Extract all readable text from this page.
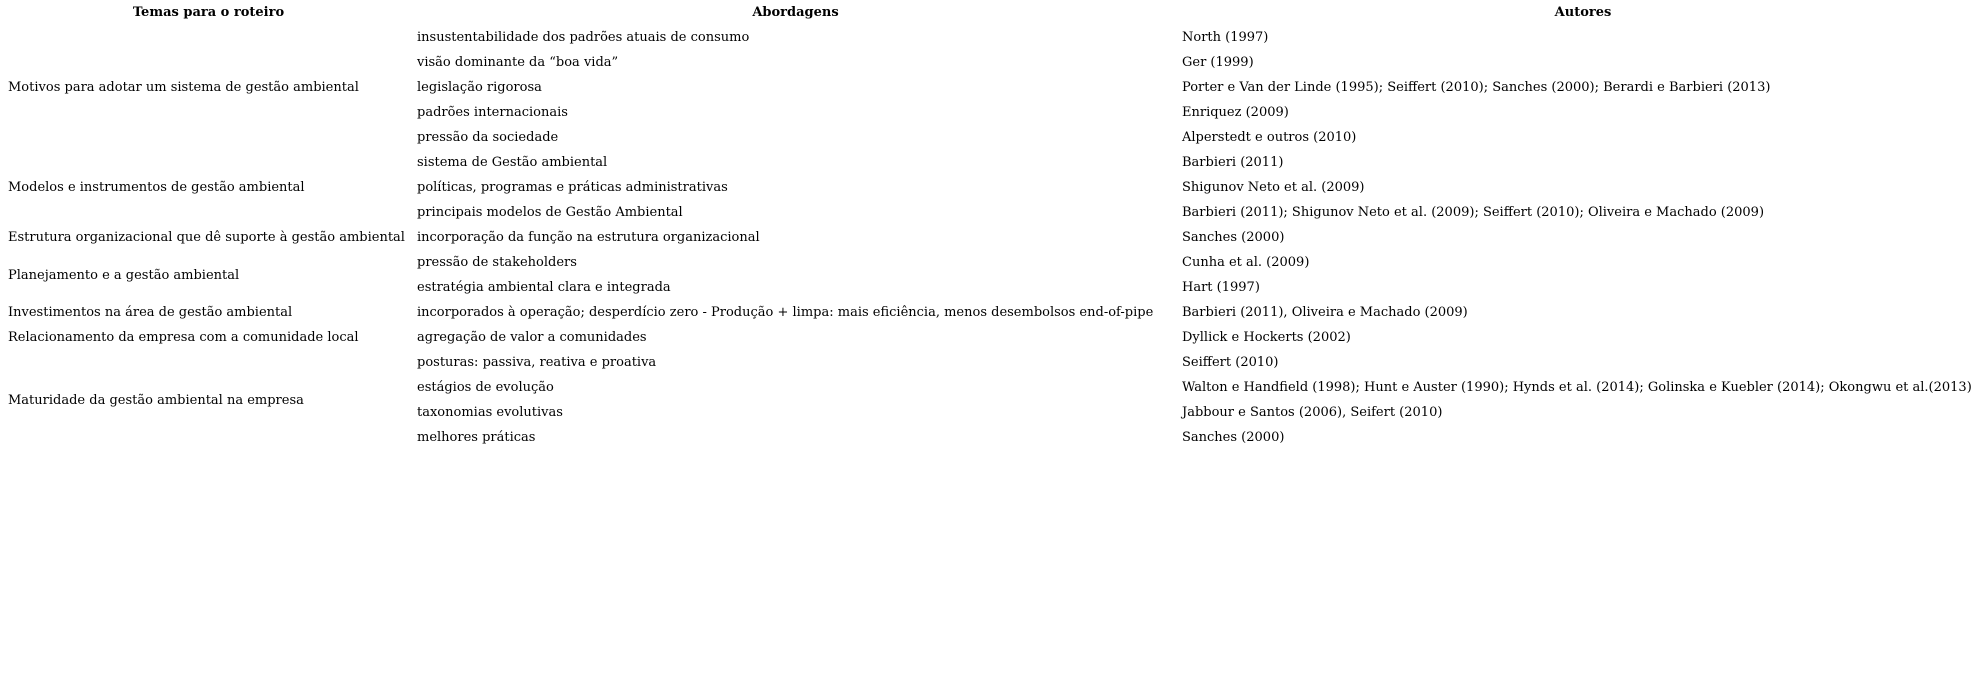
Temas para o roteiro	Abordagens	Autores
Motivos para adotar um sistema de gestão ambiental	insustentabilidade dos padrões atuais de consumo	North (1997)
	visão dominante da “boa vida”	Ger (1999)
	legislação rigorosa	Porter e Van der Linde (1995); Seiffert (2010); Sanches (2000); Berardi e Barbieri (2013)
	padrões internacionais	Enriquez (2009)
	pressão da sociedade	Alperstedt e outros (2010)
Modelos e instrumentos de gestão ambiental	sistema de Gestão ambiental	Barbieri (2011)
	políticas, programas e práticas administrativas	Shigunov Neto et al. (2009)
	principais modelos de Gestão Ambiental	Barbieri (2011); Shigunov Neto et al. (2009); Seiffert (2010); Oliveira e Machado (2009)
Estrutura organizacional que dê suporte à gestão ambiental	incorporação da função na estrutura organizacional	Sanches (2000)
Planejamento e a gestão ambiental	pressão de stakeholders	Cunha et al. (2009)
	estratégia ambiental clara e integrada	Hart (1997)
Investimentos na área de gestão ambiental	incorporados à operação; desperdício zero - Produção + limpa: mais eficiência, menos desembolsos end-of-pipe	Barbieri (2011), Oliveira e Machado (2009)
Relacionamento da empresa com a comunidade local	agregação de valor a comunidades	Dyllick e Hockerts (2002)
Maturidade da gestão ambiental na empresa	posturas: passiva, reativa e proativa	Seiffert (2010)
	estágios de evolução	Walton e Handfield (1998); Hunt e Auster (1990); Hynds et al. (2014); Golinska e Kuebler (2014); Okongwu et al.(2013)
	taxonomias evolutivas	Jabbour e Santos (2006), Seifert (2010)
	melhores práticas	Sanches (2000)
